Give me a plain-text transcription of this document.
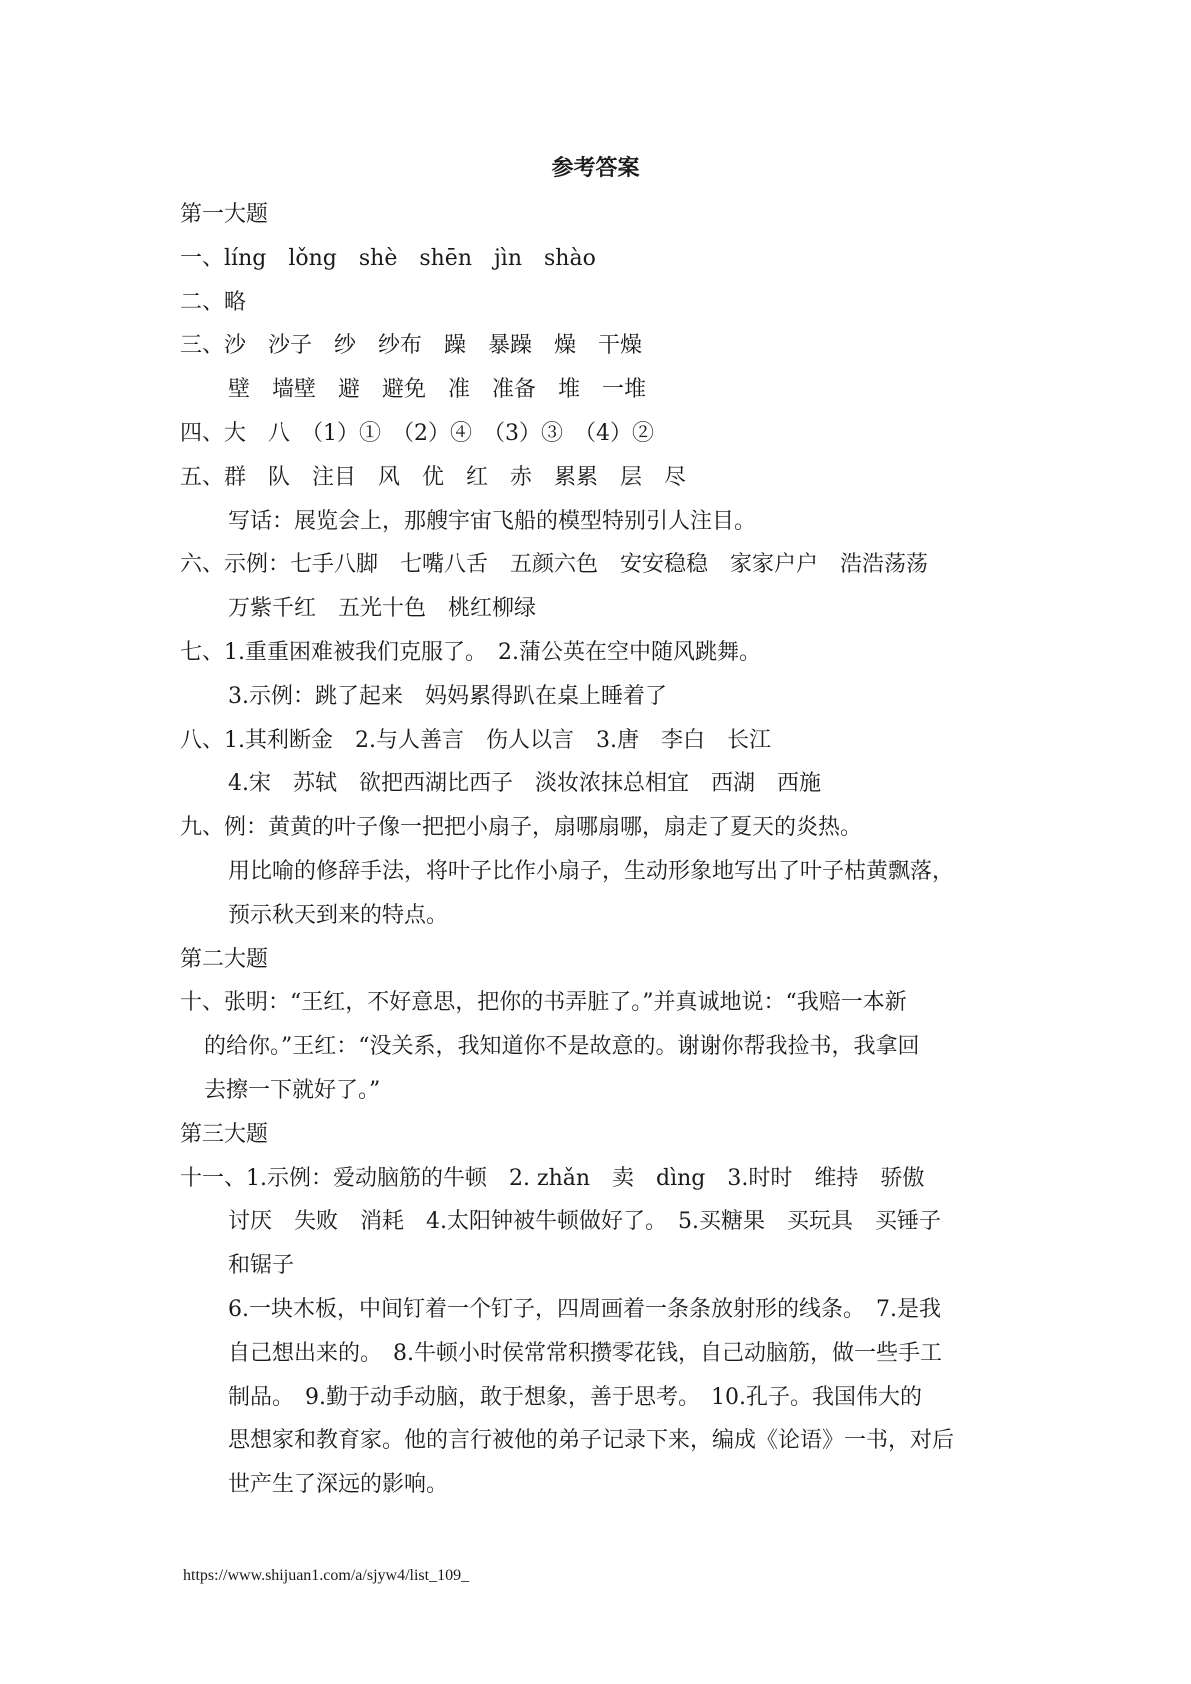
参考答案
第一大题
一、líng　lǒng　shè　shēn　jìn　shào
二、略
三、沙　沙子　纱　纱布　躁　暴躁　燥　干燥
壁　墙壁　避　避免　准　准备　堆　一堆
四、大　八　（1）①　（2）④　（3）③　（4）②
五、群　队　注目　风　优　红　赤　累累　层　尽
写话：展览会上，那艘宇宙飞船的模型特别引人注目。
六、示例：七手八脚　七嘴八舌　五颜六色　安安稳稳　家家户户　浩浩荡荡
万紫千红　五光十色　桃红柳绿
七、1.重重困难被我们克服了。　2.蒲公英在空中随风跳舞。
3.示例：跳了起来　妈妈累得趴在桌上睡着了
八、1.其利断金　2.与人善言　伤人以言　3.唐　李白　长江
4.宋　苏轼　欲把西湖比西子　淡妆浓抹总相宜　西湖　西施
九、例：黄黄的叶子像一把把小扇子，扇哪扇哪，扇走了夏天的炎热。
用比喻的修辞手法，将叶子比作小扇子，生动形象地写出了叶子枯黄飘落，
预示秋天到来的特点。
第二大题
十、张明：“王红，不好意思，把你的书弄脏了。”并真诚地说：“我赔一本新
的给你。”王红：“没关系，我知道你不是故意的。谢谢你帮我捡书，我拿回
去擦一下就好了。”
第三大题
十一、1.示例：爱动脑筋的牛顿　2. zhǎn　卖　dìng　3.时时　维持　骄傲
讨厌　失败　消耗　4.太阳钟被牛顿做好了。　5.买糖果　买玩具　买锤子
和锯子
6.一块木板，中间钉着一个钉子，四周画着一条条放射形的线条。　7.是我
自己想出来的。　8.牛顿小时侯常常积攒零花钱，自己动脑筋，做一些手工
制品。　9.勤于动手动脑，敢于想象，善于思考。　10.孔子。我国伟大的
思想家和教育家。他的言行被他的弟子记录下来，编成《论语》一书，对后
世产生了深远的影响。
https://www.shijuan1.com/a/sjyw4/list_109_
